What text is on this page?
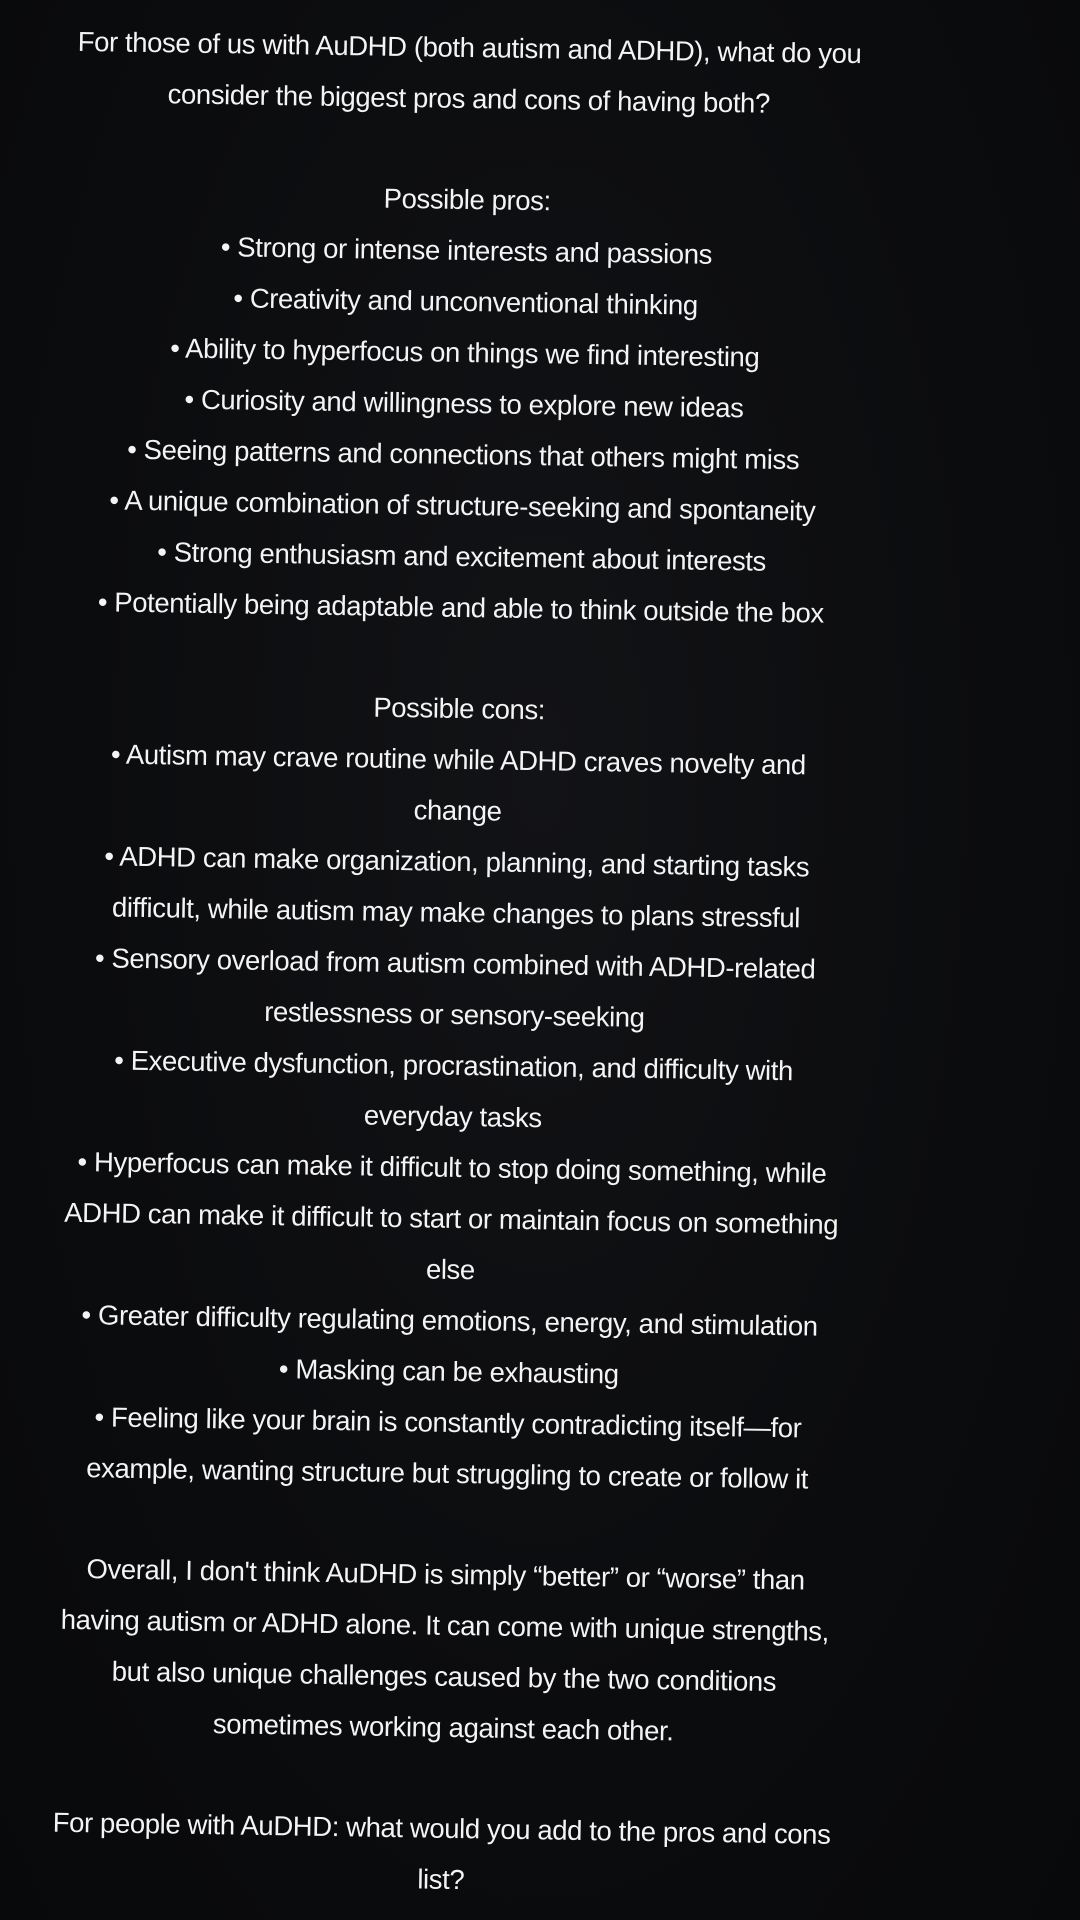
For those of us with AuDHD (both autism and ADHD), what do you

consider the biggest pros and cons of having both?

Possible pros:

• Strong or intense interests and passions

• Creativity and unconventional thinking

• Ability to hyperfocus on things we find interesting

• Curiosity and willingness to explore new ideas

• Seeing patterns and connections that others might miss

• A unique combination of structure-seeking and spontaneity

• Strong enthusiasm and excitement about interests

• Potentially being adaptable and able to think outside the box

Possible cons:

• Autism may crave routine while ADHD craves novelty and

change

• ADHD can make organization, planning, and starting tasks

difficult, while autism may make changes to plans stressful

• Sensory overload from autism combined with ADHD-related

restlessness or sensory-seeking

• Executive dysfunction, procrastination, and difficulty with

everyday tasks

• Hyperfocus can make it difficult to stop doing something, while

ADHD can make it difficult to start or maintain focus on something

else

• Greater difficulty regulating emotions, energy, and stimulation

• Masking can be exhausting

• Feeling like your brain is constantly contradicting itself—for

example, wanting structure but struggling to create or follow it

Overall, I don't think AuDHD is simply “better” or “worse” than

having autism or ADHD alone. It can come with unique strengths,

but also unique challenges caused by the two conditions

sometimes working against each other.

For people with AuDHD: what would you add to the pros and cons

list?
